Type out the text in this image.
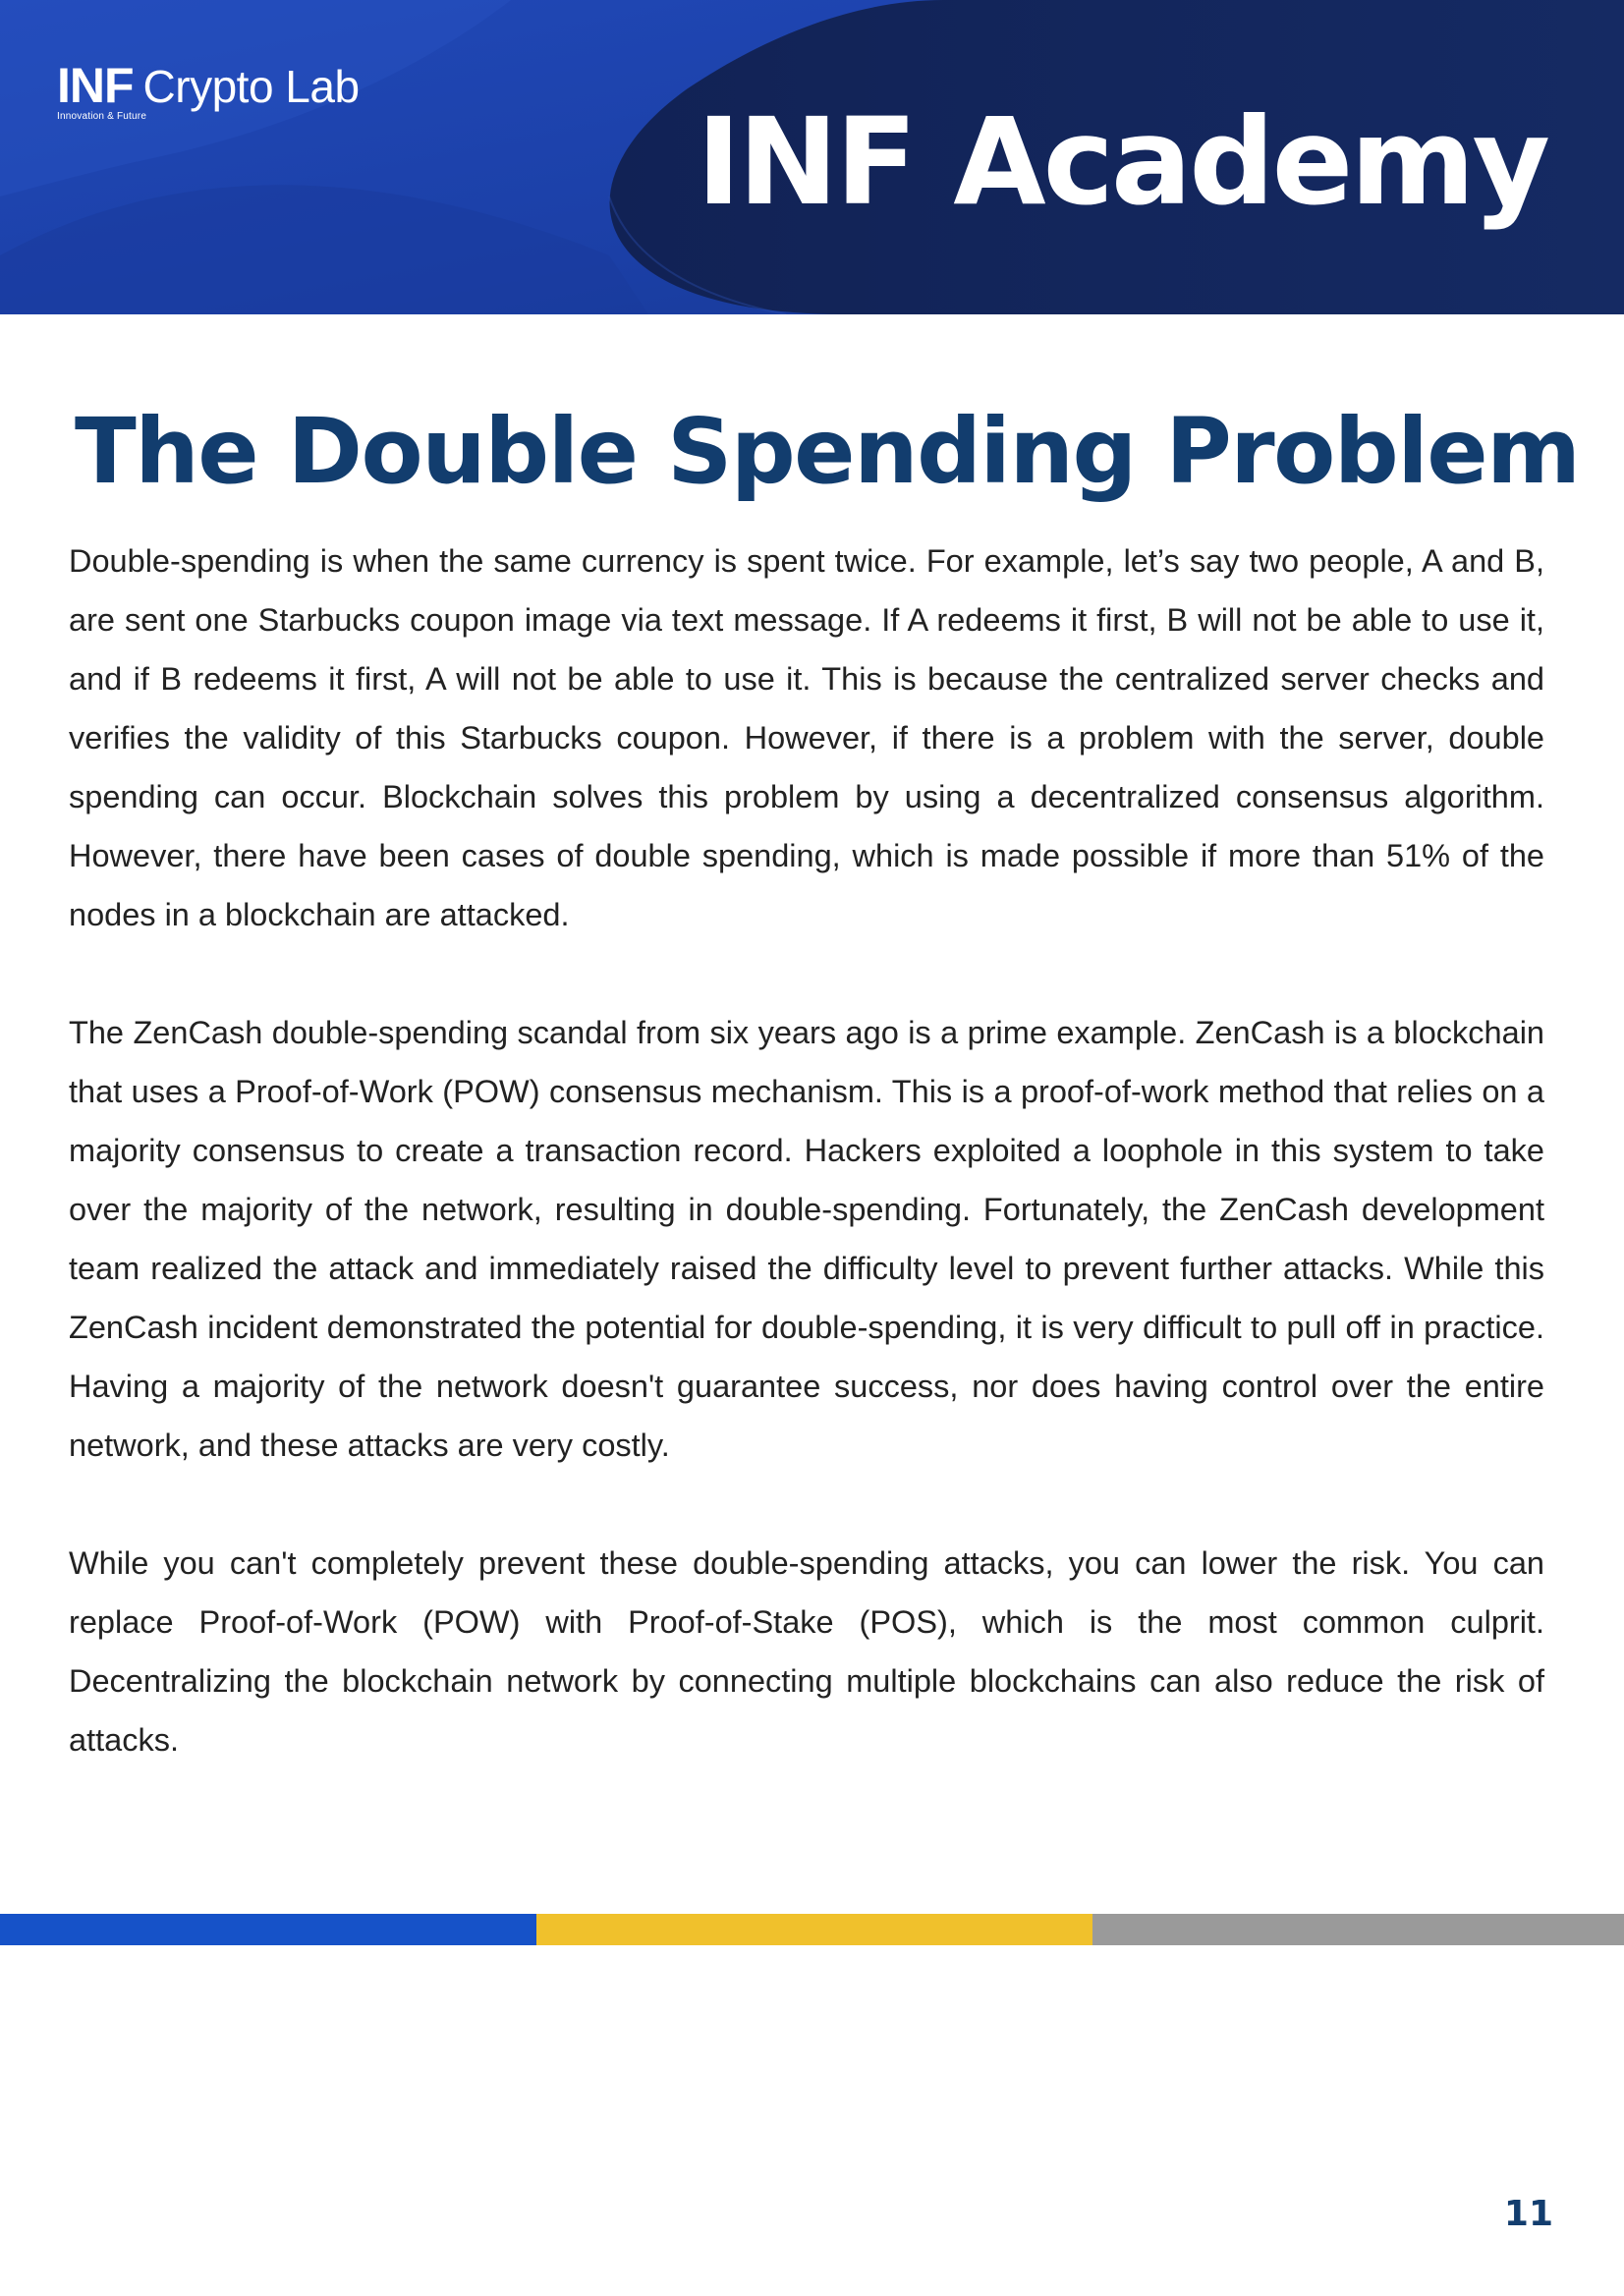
INF Crypto Lab
Innovation & Future	INF Academy
The Double Spending Problem

Double-spending is when the same currency is spent twice. For example, let’s say two people, A and B, are sent one Starbucks coupon image via text message. If A redeems it first, B will not be able to use it, and if B redeems it first, A will not be able to use it. This is because the centralized server checks and verifies the validity of this Starbucks coupon. However, if there is a problem with the server, double spending can occur. Blockchain solves this problem by using a decentralized consensus algorithm. However, there have been cases of double spending, which is made possible if more than 51% of the nodes in a blockchain are attacked.

The ZenCash double-spending scandal from six years ago is a prime example. ZenCash is a blockchain that uses a Proof-of-Work (POW) consensus mechanism. This is a proof-of-work method that relies on a majority consensus to create a transaction record. Hackers exploited a loophole in this system to take over the majority of the network, resulting in double-spending. Fortunately, the ZenCash development team realized the attack and immediately raised the difficulty level to prevent further attacks. While this ZenCash incident demonstrated the potential for double-spending, it is very difficult to pull off in practice. Having a majority of the network doesn't guarantee success, nor does having control over the entire network, and these attacks are very costly.

While you can't completely prevent these double-spending attacks, you can lower the risk. You can replace Proof-of-Work (POW) with Proof-of-Stake (POS), which is the most common culprit. Decentralizing the blockchain network by connecting multiple blockchains can also reduce the risk of attacks.

11
